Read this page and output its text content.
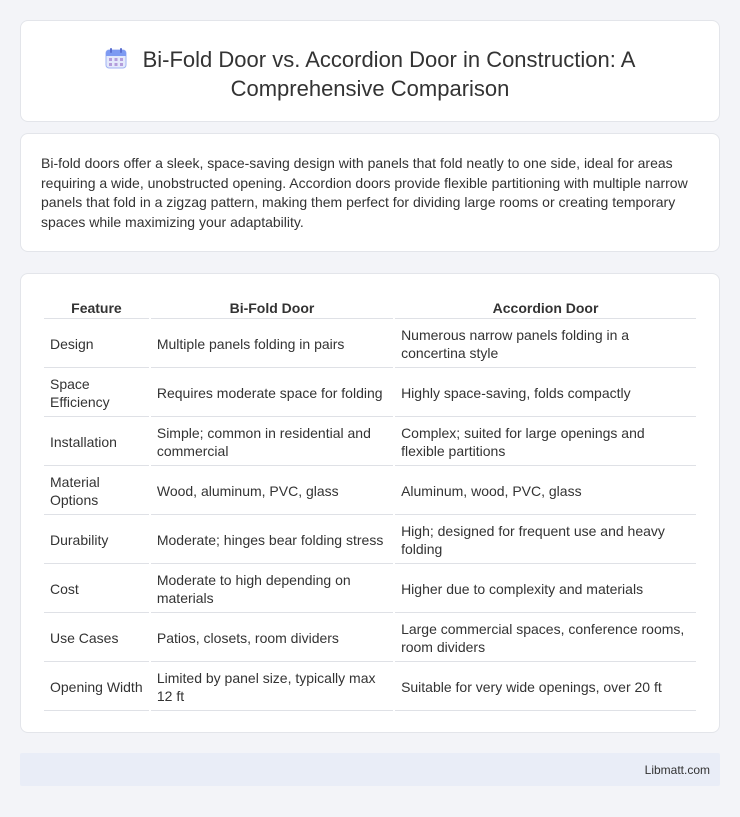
Bi-Fold Door vs. Accordion Door in Construction: A Comprehensive Comparison

Bi-fold doors offer a sleek, space-saving design with panels that fold neatly to one side, ideal for areas requiring a wide, unobstructed opening. Accordion doors provide flexible partitioning with multiple narrow panels that fold in a zigzag pattern, making them perfect for dividing large rooms or creating temporary spaces while maximizing your adaptability.

Feature	Bi-Fold Door	Accordion Door
Design	Multiple panels folding in pairs	Numerous narrow panels folding in a concertina style
Space Efficiency	Requires moderate space for folding	Highly space-saving, folds compactly
Installation	Simple; common in residential and commercial	Complex; suited for large openings and flexible partitions
Material Options	Wood, aluminum, PVC, glass	Aluminum, wood, PVC, glass
Durability	Moderate; hinges bear folding stress	High; designed for frequent use and heavy folding
Cost	Moderate to high depending on materials	Higher due to complexity and materials
Use Cases	Patios, closets, room dividers	Large commercial spaces, conference rooms, room dividers
Opening Width	Limited by panel size, typically max 12 ft	Suitable for very wide openings, over 20 ft
Libmatt.com
